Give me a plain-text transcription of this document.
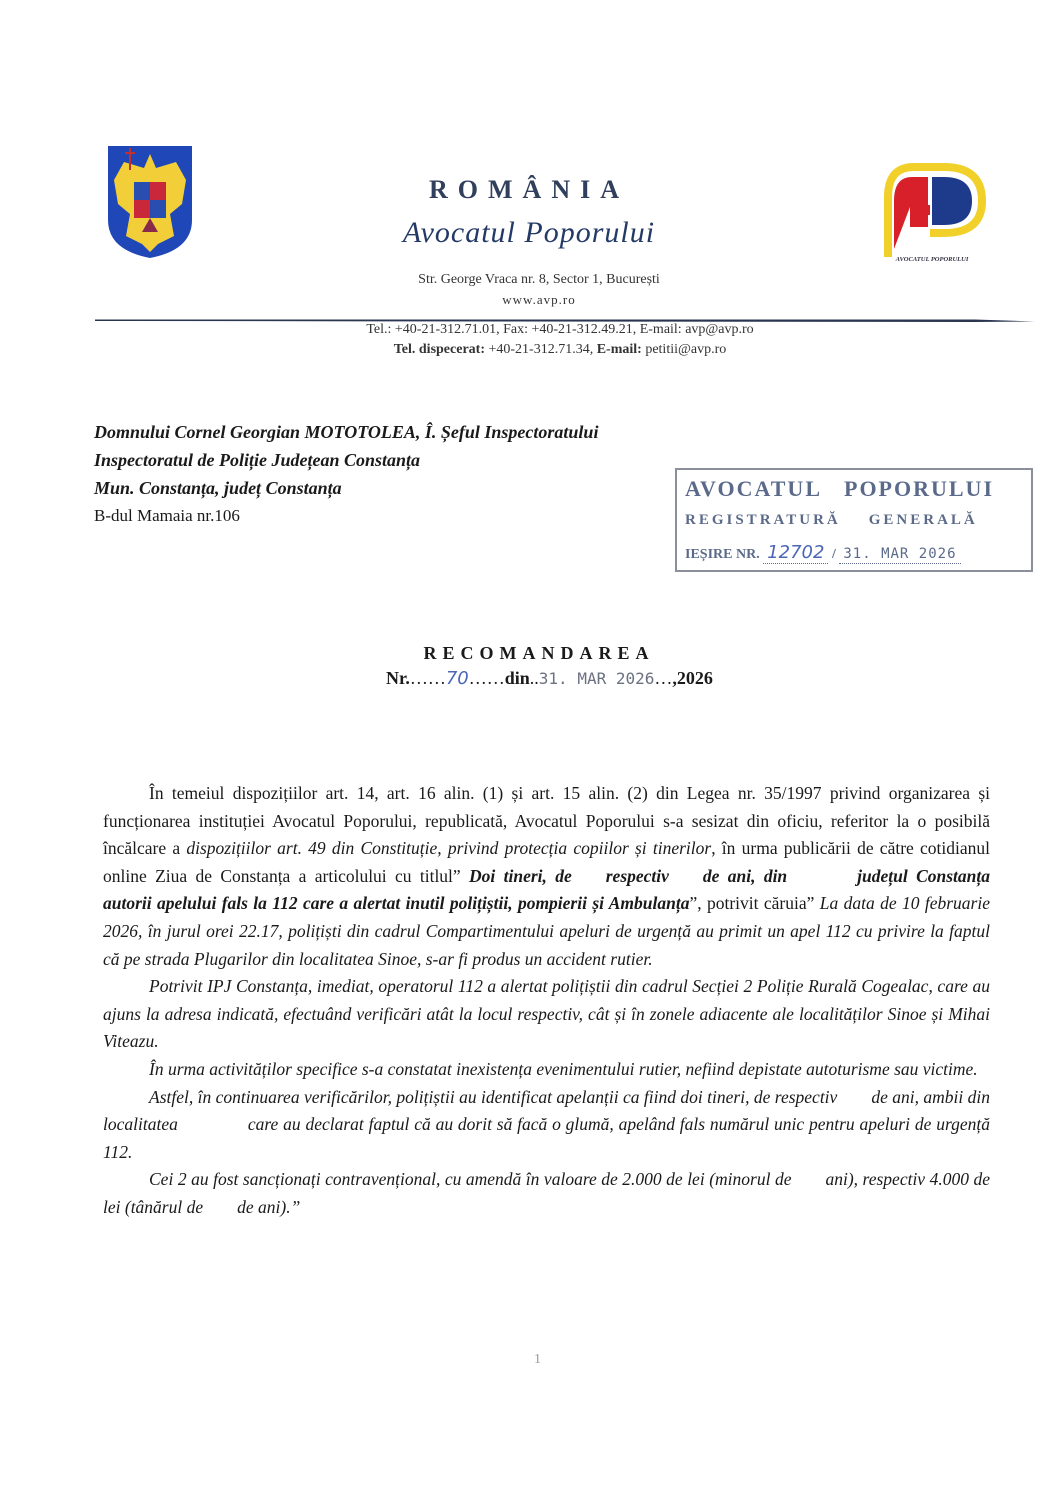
AVOCATUL POPORULUI
ROMÂNIA
Avocatul Poporului
Str. George Vraca nr. 8, Sector 1, București
www.avp.ro
Tel.: +40-21-312.71.01, Fax: +40-21-312.49.21, E-mail: avp@avp.ro
Tel. dispecerat: +40-21-312.71.34, E-mail: petitii@avp.ro
Domnului Cornel Georgian MOTOTOLEA, Î. Șeful Inspectoratului
Inspectoratul de Poliție Județean Constanța
Mun. Constanța, județ Constanța
B-dul Mamaia nr.106
AVOCATUL POPORULUI
REGISTRATURĂ GENERALĂ
IEȘIRE NR. 12702 / 31. MAR 2026
RECOMANDAREA
Nr.……70……din..31. MAR 2026…,2026

În temeiul dispozițiilor art. 14, art. 16 alin. (1) și art. 15 alin. (2) din Legea nr. 35/1997 privind organizarea și funcționarea instituției Avocatul Poporului, republicată, Avocatul Poporului s-a sesizat din oficiu, referitor la o posibilă încălcare a dispozițiilor art. 49 din Constituție, privind protecția copiilor și tinerilor, în urma publicării de către cotidianul online Ziua de Constanța a articolului cu titlul” Doi tineri, de respectiv de ani, din	județul Constanța autorii apelului fals la 112 care a alertat inutil polițiștii, pompierii și Ambulanța”, potrivit căruia” La data de 10 februarie 2026, în jurul orei 22.17, polițiști din cadrul Compartimentului apeluri de urgență au primit un apel 112 cu privire la faptul că pe strada Plugarilor din localitatea Sinoe, s-ar fi produs un accident rutier.

Potrivit IPJ Constanța, imediat, operatorul 112 a alertat polițiștii din cadrul Secției 2 Poliție Rurală Cogealac, care au ajuns la adresa indicată, efectuând verificări atât la locul respectiv, cât și în zonele adiacente ale localităților Sinoe și Mihai Viteazu.

În urma activităților specifice s-a constatat inexistența evenimentului rutier, nefiind depistate autoturisme sau victime.

Astfel, în continuarea verificărilor, polițiștii au identificat apelanții ca fiind doi tineri, de respectiv de ani, ambii din localitatea	care au declarat faptul că au dorit să facă o glumă, apelând fals numărul unic pentru apeluri de urgență 112.

Cei 2 au fost sancționați contravențional, cu amendă în valoare de 2.000 de lei (minorul de ani), respectiv 4.000 de lei (tânărul de de ani).”

1
